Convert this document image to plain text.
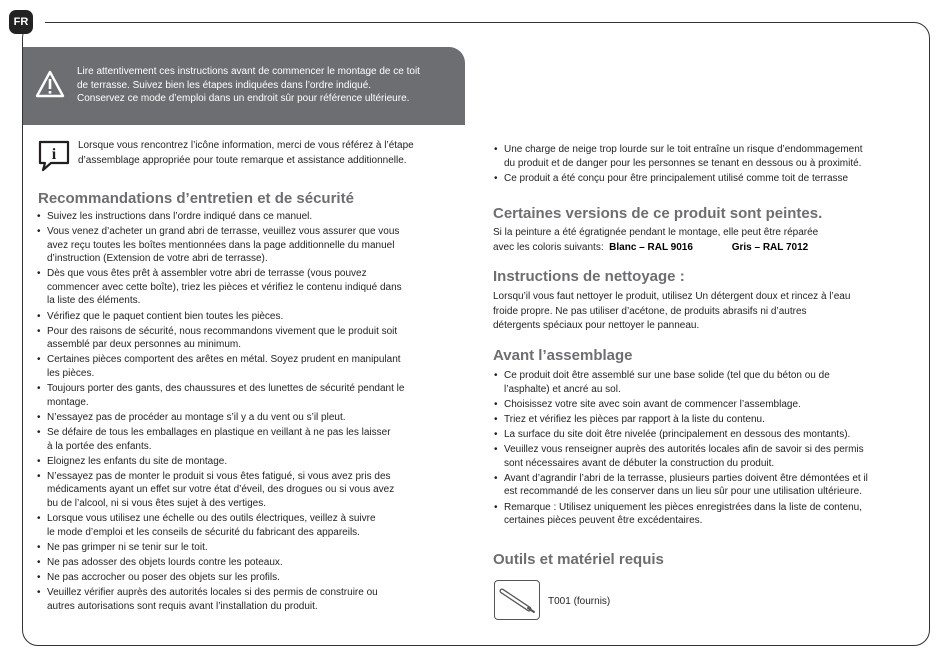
FR
Lire attentivement ces instructions avant de commencer le montage de ce toit
de terrasse. Suivez bien les étapes indiquées dans l’ordre indiqué.
Conservez ce mode d’emploi dans un endroit sûr pour référence ultérieure.
i
Lorsque vous rencontrez l’icône information, merci de vous référez à l’étape
d’assemblage appropriée pour toute remarque et assistance additionnelle.
Recommandations d’entretien et de sécurité
• Suivez les instructions dans l’ordre indiqué dans ce manuel.
• Vous venez d’acheter un grand abri de terrasse, veuillez vous assurer que vous
avez reçu toutes les boîtes mentionnées dans la page additionnelle du manuel
d’instruction (Extension de votre abri de terrasse).
• Dès que vous êtes prêt à assembler votre abri de terrasse (vous pouvez
commencer avec cette boîte), triez les pièces et vérifiez le contenu indiqué dans
la liste des éléments.
• Vérifiez que le paquet contient bien toutes les pièces.
• Pour des raisons de sécurité, nous recommandons vivement que le produit soit
assemblé par deux personnes au minimum.
• Certaines pièces comportent des arêtes en métal. Soyez prudent en manipulant
les pièces.
• Toujours porter des gants, des chaussures et des lunettes de sécurité pendant le
montage.
• N’essayez pas de procéder au montage s’il y a du vent ou s’il pleut.
• Se défaire de tous les emballages en plastique en veillant à ne pas les laisser
à la portée des enfants.
• Eloignez les enfants du site de montage.
• N’essayez pas de monter le produit si vous êtes fatigué, si vous avez pris des
médicaments ayant un effet sur votre état d’éveil, des drogues ou si vous avez
bu de l’alcool, ni si vous êtes sujet à des vertiges.
• Lorsque vous utilisez une échelle ou des outils électriques, veillez à suivre
le mode d’emploi et les conseils de sécurité du fabricant des appareils.
• Ne pas grimper ni se tenir sur le toit.
• Ne pas adosser des objets lourds contre les poteaux.
• Ne pas accrocher ou poser des objets sur les profils.
• Veuillez vérifier auprès des autorités locales si des permis de construire ou
autres autorisations sont requis avant l’installation du produit.
• Une charge de neige trop lourde sur le toit entraîne un risque d’endommagement
du produit et de danger pour les personnes se tenant en dessous ou à proximité.
• Ce produit a été conçu pour être principalement utilisé comme toit de terrasse
Certaines versions de ce produit sont peintes.
Si la peinture a été égratignée pendant le montage, elle peut être réparée
avec les coloris suivants: Blanc – RAL 9016	Gris – RAL 7012
Instructions de nettoyage :
Lorsqu’il vous faut nettoyer le produit, utilisez Un détergent doux et rincez à l’eau
froide propre. Ne pas utiliser d’acétone, de produits abrasifs ni d’autres
détergents spéciaux pour nettoyer le panneau.
Avant l’assemblage
• Ce produit doit être assemblé sur une base solide (tel que du béton ou de
l’asphalte) et ancré au sol.
• Choisissez votre site avec soin avant de commencer l’assemblage.
• Triez et vérifiez les pièces par rapport à la liste du contenu.
• La surface du site doit être nivelée (principalement en dessous des montants).
• Veuillez vous renseigner auprès des autorités locales afin de savoir si des permis
sont nécessaires avant de débuter la construction du produit.
• Avant d’agrandir l’abri de la terrasse, plusieurs parties doivent être démontées et il
est recommandé de les conserver dans un lieu sûr pour une utilisation ultérieure.
• Remarque : Utilisez uniquement les pièces enregistrées dans la liste de contenu,
certaines pièces peuvent être excédentaires.
Outils et matériel requis
T001 (fournis)
